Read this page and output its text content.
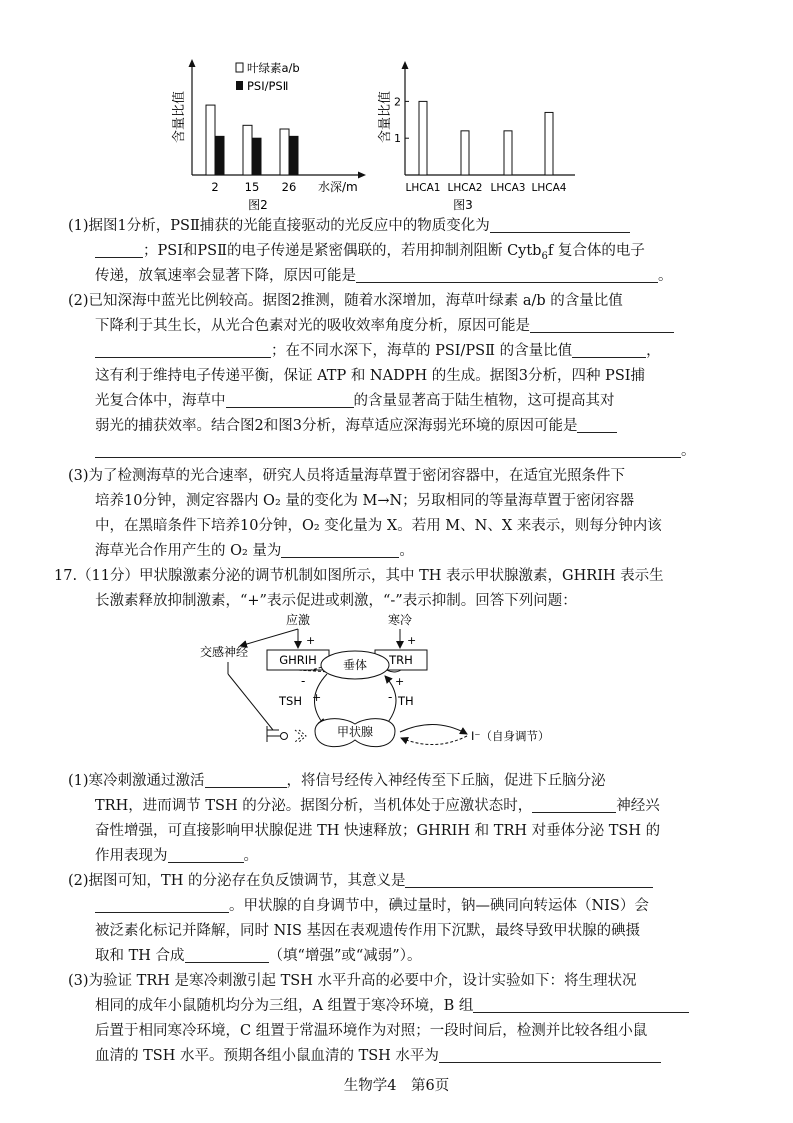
含量比值
2 15 26
叶绿素a/b
PSⅠ/PSⅡ
水深/m
图2
含量比值 1
2
LHCA1 LHCA2 LHCA3 LHCA4
图3
(1)据图1分析，PSⅡ捕获的光能直接驱动的光反应中的物质变化为
；PSⅠ和PSⅡ的电子传递是紧密偶联的，若用抑制剂阻断 Cytb$_6$f 复合体的电子
传递，放氧速率会显著下降，原因可能是	。
(2)已知深海中蓝光比例较高。据图2推测，随着水深增加，海草叶绿素 a/b 的含量比值
下降利于其生长，从光合色素对光的吸收效率角度分析，原因可能是
；在不同水深下，海草的 PSⅠ/PSⅡ 的含量比值	，
这有利于维持电子传递平衡，保证 ATP 和 NADPH 的生成。据图3分析，四种 PSⅠ捕
光复合体中，海草中	的含量显著高于陆生植物，这可提高其对
弱光的捕获效率。结合图2和图3分析，海草适应深海弱光环境的原因可能是
。
(3)为了检测海草的光合速率，研究人员将适量海草置于密闭容器中，在适宜光照条件下
培养10分钟，测定容器内 O₂ 量的变化为 M→N；另取相同的等量海草置于密闭容器
中，在黑暗条件下培养10分钟，O₂ 变化量为 X。若用 M、N、X 来表示，则每分钟内该
海草光合作用产生的 O₂ 量为	。
17.（11分）甲状腺激素分泌的调节机制如图所示，其中 TH 表示甲状腺激素，GHRIH 表示生
长激素释放抑制激素，“+”表示促进或刺激，“-”表示抑制。回答下列问题：
应激	寒冷
+
交感神经
+
GHRIH	TRH
-	+
垂体
TSH +	TH
-
甲状腺	I⁻（自身调节）
(1)寒冷刺激通过激活	，将信号经传入神经传至下丘脑，促进下丘脑分泌
TRH，进而调节 TSH 的分泌。据图分析，当机体处于应激状态时，	神经兴
奋性增强，可直接影响甲状腺促进 TH 快速释放；GHRIH 和 TRH 对垂体分泌 TSH 的
作用表现为	。
(2)据图可知，TH 的分泌存在负反馈调节，其意义是
。甲状腺的自身调节中，碘过量时，钠—碘同向转运体（NIS）会
被泛素化标记并降解，同时 NIS 基因在表观遗传作用下沉默，最终导致甲状腺的碘摄
取和 TH 合成	（填“增强”或“减弱”）。
(3)为验证 TRH 是寒冷刺激引起 TSH 水平升高的必要中介，设计实验如下：将生理状况
相同的成年小鼠随机均分为三组，A 组置于寒冷环境，B 组
后置于相同寒冷环境，C 组置于常温环境作为对照；一段时间后，检测并比较各组小鼠
血清的 TSH 水平。预期各组小鼠血清的 TSH 水平为
生物学4　第6页
